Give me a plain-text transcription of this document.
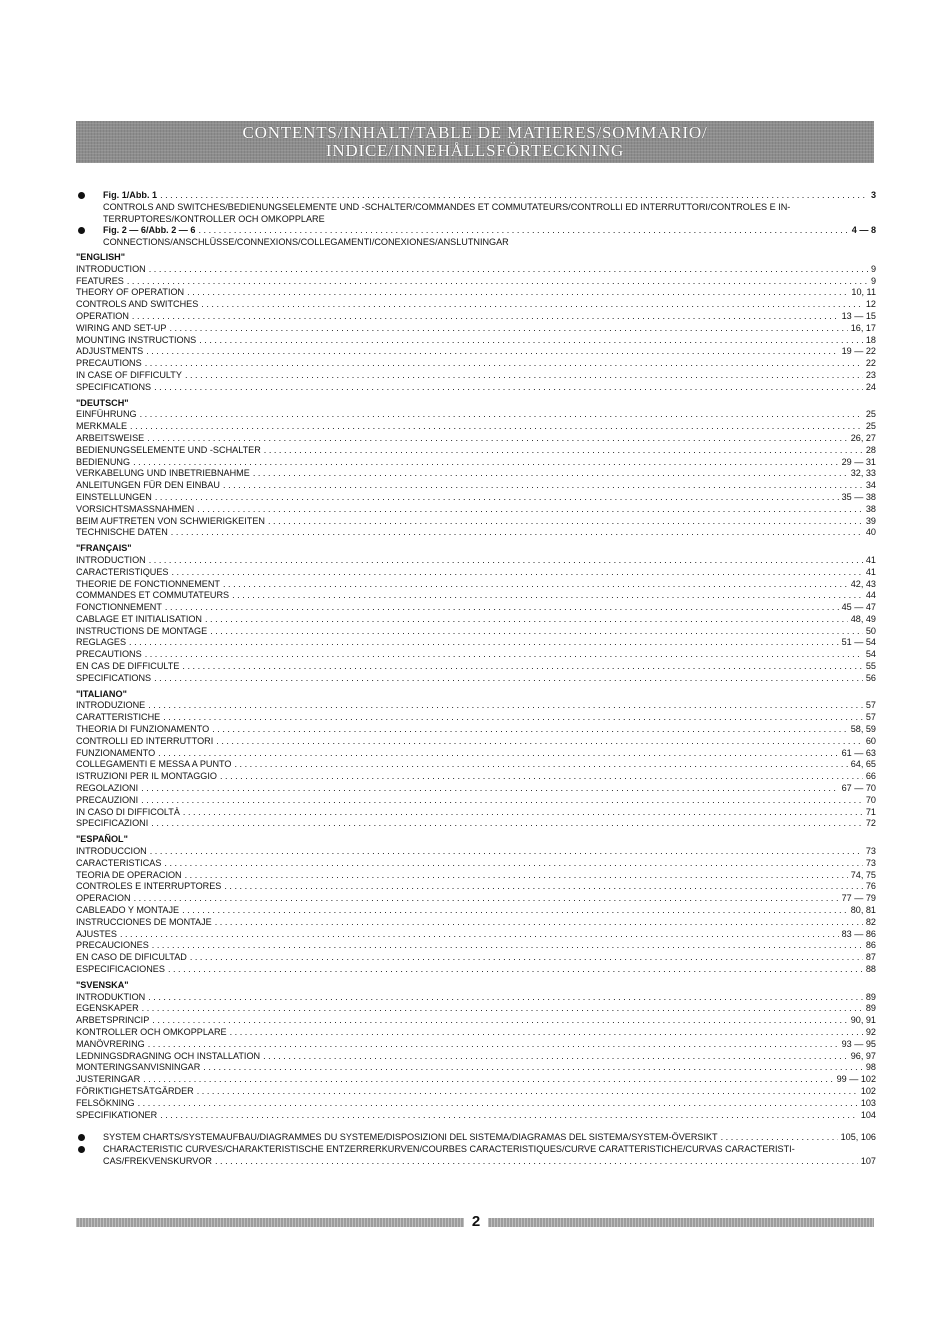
CONTENTS/INHALT/TABLE DE MATIERES/SOMMARIO/
INDICE/INNEHÅLLSFÖRTECKNING
Fig. 1/Abb. 1 . . .	3
CONTROLS AND SWITCHES/BEDIENUNGSELEMENTE UND -SCHALTER/COMMANDES ET COMMUTATEURS/CONTROLLI ED INTERRUTTORI/CONTROLES E IN-TERRUPTORES/KONTROLLER OCH OMKOPPLARE
Fig. 2 — 6/Abb. 2 — 6 . . .	4 — 8
CONNECTIONS/ANSCHLÜSSE/CONNEXIONS/COLLEGAMENTI/CONEXIONES/ANSLUTNINGAR
"ENGLISH"
INTRODUCTION . . .	9
FEATURES . . .	9
THEORY OF OPERATION . . .	10, 11
CONTROLS AND SWITCHES . . .	12
OPERATION . . .	13 — 15
WIRING AND SET-UP . . .	16, 17
MOUNTING INSTRUCTIONS . . .	18
ADJUSTMENTS . . .	19 — 22
PRECAUTIONS . . .	22
IN CASE OF DIFFICULTY . . .	23
SPECIFICATIONS . . .	24
"DEUTSCH"
EINFÜHRUNG . . .	25
MERKMALE . . .	25
ARBEITSWEISE . . .	26, 27
BEDIENUNGSELEMENTE UND -SCHALTER . . .	28
BEDIENUNG . . .	29 — 31
VERKABELUNG UND INBETRIEBNAHME . . .	32, 33
ANLEITUNGEN FÜR DEN EINBAU . . .	34
EINSTELLUNGEN . . .	35 — 38
VORSICHTSMASSNAHMEN . . .	38
BEIM AUFTRETEN VON SCHWIERIGKEITEN . . .	39
TECHNISCHE DATEN . . .	40
"FRANÇAIS"
INTRODUCTION . . .	41
CARACTERISTIQUES . . .	41
THEORIE DE FONCTIONNEMENT . . .	42, 43
COMMANDES ET COMMUTATEURS . . .	44
FONCTIONNEMENT . . .	45 — 47
CABLAGE ET INITIALISATION . . .	48, 49
INSTRUCTIONS DE MONTAGE . . .	50
REGLAGES . . .	51 — 54
PRECAUTIONS . . .	54
EN CAS DE DIFFICULTE . . .	55
SPECIFICATIONS . . .	56
"ITALIANO"
INTRODUZIONE . . .	57
CARATTERISTICHE . . .	57
THEORIA DI FUNZIONAMENTO . . .	58, 59
CONTROLLI ED INTERRUTTORI . . .	60
FUNZIONAMENTO . . .	61 — 63
COLLEGAMENTI E MESSA A PUNTO . . .	64, 65
ISTRUZIONI PER IL MONTAGGIO . . .	66
REGOLAZIONI . . .	67 — 70
PRECAUZIONI . . .	70
IN CASO DI DIFFICOLTÀ . . .	71
SPECIFICAZIONI . . .	72
"ESPAÑOL"
INTRODUCCION . . .	73
CARACTERISTICAS . . .	73
TEORIA DE OPERACION . . .	74, 75
CONTROLES E INTERRUPTORES . . .	76
OPERACION . . .	77 — 79
CABLEADO Y MONTAJE . . .	80, 81
INSTRUCCIONES DE MONTAJE . . .	82
AJUSTES . . .	83 — 86
PRECAUCIONES . . .	86
EN CASO DE DIFICULTAD . . .	87
ESPECIFICACIONES . . .	88
"SVENSKA"
INTRODUKTION . . .	89
EGENSKAPER . . .	89
ARBETSPRINCIP . . .	90, 91
KONTROLLER OCH OMKOPPLARE . . .	92
MANÖVRERING . . .	93 — 95
LEDNINGSDRAGNING OCH INSTALLATION . . .	96, 97
MONTERINGSANVISNINGAR . . .	98
JUSTERINGAR . . .	99 — 102
FÖRIKTIGHETSÅTGÄRDER . . .	102
FELSÖKNING . . .	103
SPECIFIKATIONER . . .	104
SYSTEM CHARTS/SYSTEMAUFBAU/DIAGRAMMES DU SYSTEME/DISPOSIZIONI DEL SISTEMA/DIAGRAMAS DEL SISTEMA/SYSTEM-ÖVERSIKT . . .	105, 106
CHARACTERISTIC CURVES/CHARAKTERISTISCHE ENTZERRERKURVEN/COURBES CARACTERISTIQUES/CURVE CARATTERISTICHE/CURVAS CARACTERISTI-
CAS/FREKVENSKURVOR . . .	107
2
